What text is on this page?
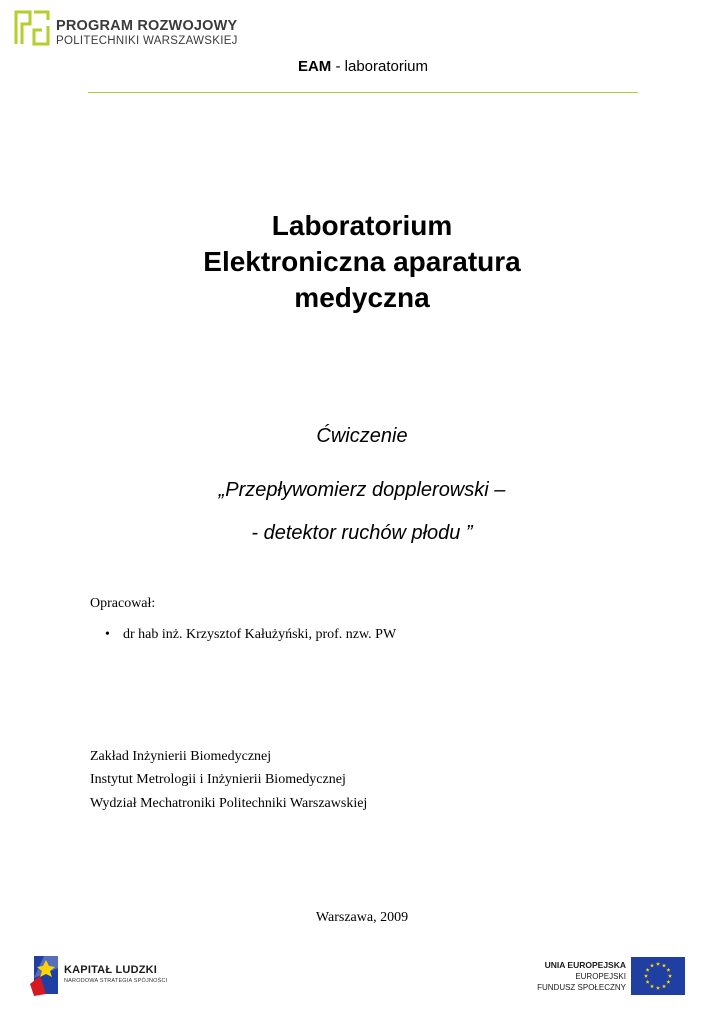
PROGRAM ROZWOJOWY
POLITECHNIKI WARSZAWSKIEJ
EAM - laboratorium
Laboratorium
Elektroniczna aparatura
medyczna
Ćwiczenie
„Przepływomierz dopplerowski –
- detektor ruchów płodu ”
Opracował:
• dr hab inż. Krzysztof Kałużyński, prof. nzw. PW
Zakład Inżynierii Biomedycznej
Instytut Metrologii i Inżynierii Biomedycznej
Wydział Mechatroniki Politechniki Warszawskiej
Warszawa, 2009
KAPITAŁ LUDZKI
NARODOWA STRATEGIA SPÓJNOŚCI
UNIA EUROPEJSKA
EUROPEJSKI
FUNDUSZ SPOŁECZNY
